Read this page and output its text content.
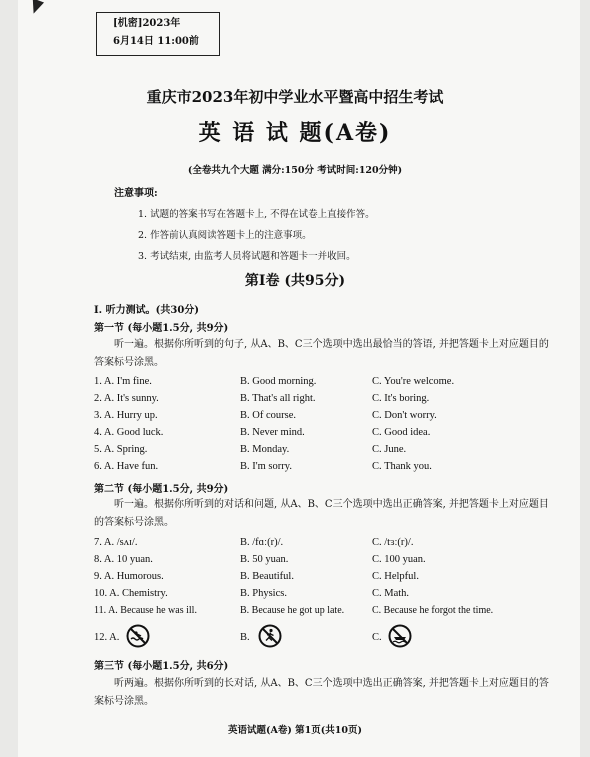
[机密]2023年
6月14日 11:00前
重庆市2023年初中学业水平暨高中招生考试
英 语 试 题(A卷)
(全卷共九个大题 满分:150分 考试时间:120分钟)
注意事项:
1. 试题的答案书写在答题卡上, 不得在试卷上直接作答。
2. 作答前认真阅读答题卡上的注意事项。
3. 考试结束, 由监考人员将试题和答题卡一并收回。
第I卷 (共95分)
I. 听力测试。(共30分)
第一节 (每小题1.5分, 共9分)
听一遍。根据你所听到的句子, 从A、B、C三个选项中选出最恰当的答语, 并把答题卡上对应题目的答案标号涂黑。
1. A. I'm fine.	B. Good morning.	C. You're welcome.
2. A. It's sunny.	B. That's all right.	C. It's boring.
3. A. Hurry up.	B. Of course.	C. Don't worry.
4. A. Good luck.	B. Never mind.	C. Good idea.
5. A. Spring.	B. Monday.	C. June.
6. A. Have fun.	B. I'm sorry.	C. Thank you.
第二节 (每小题1.5分, 共9分)
听一遍。根据你所听到的对话和问题, 从A、B、C三个选项中选出正确答案, 并把答题卡上对应题目的答案标号涂黑。
7. A. /sʌɪ/.	B. /fɑː(r)/.	C. /tɜː(r)/.
8. A. 10 yuan.	B. 50 yuan.	C. 100 yuan.
9. A. Humorous.	B. Beautiful.	C. Helpful.
10. A. Chemistry.	B. Physics.	C. Math.
11. A. Because he was ill.	B. Because he got up late.	C. Because he forgot the time.
12. A.	B.	C.
第三节 (每小题1.5分, 共6分)
听两遍。根据你所听到的长对话, 从A、B、C三个选项中选出正确答案, 并把答题卡上对应题目的答案标号涂黑。
英语试题(A卷) 第1页(共10页)
